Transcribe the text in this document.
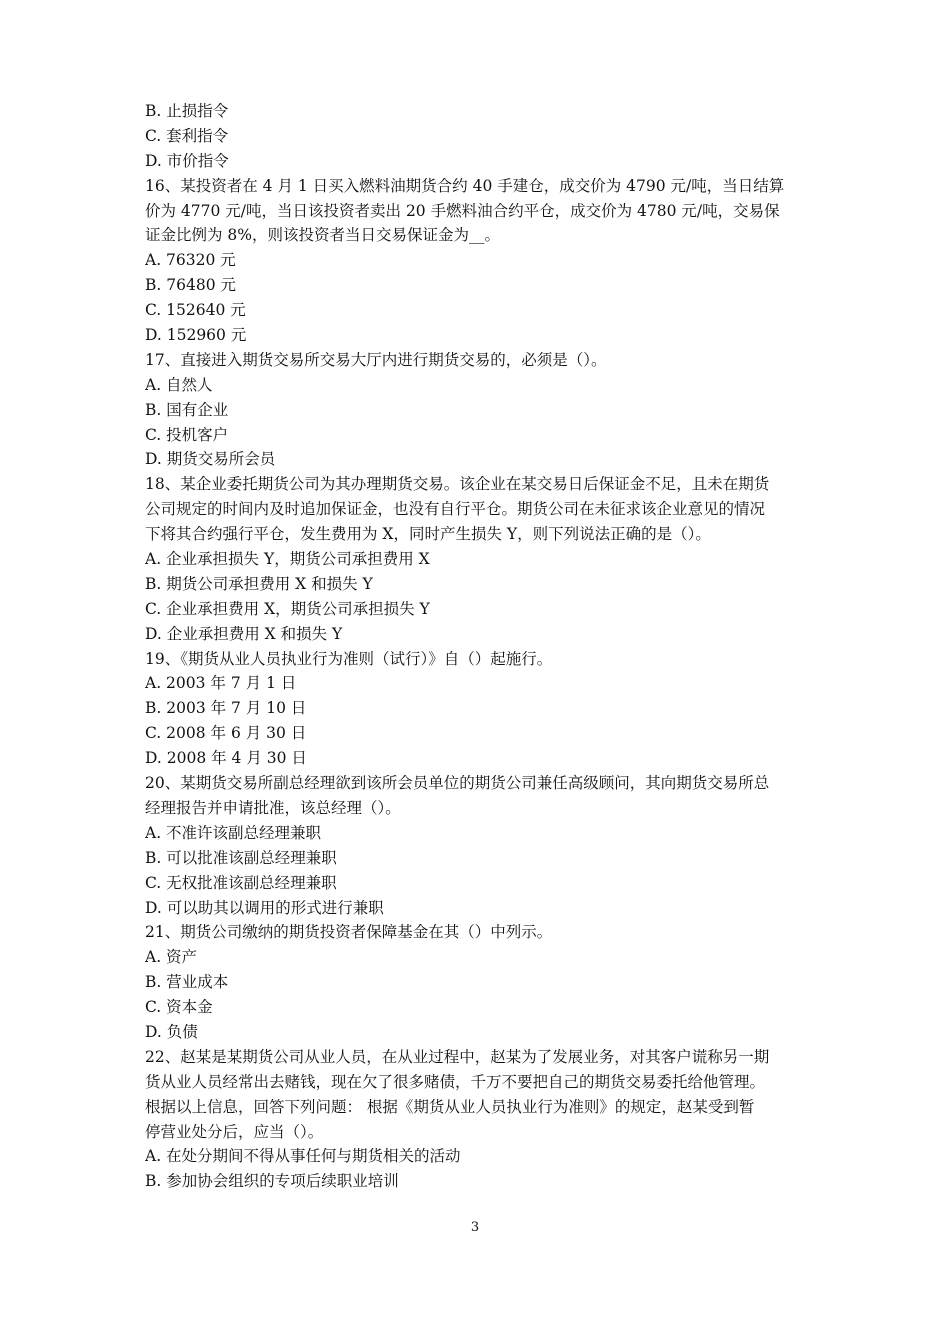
B. 止损指令
C. 套利指令
D. 市价指令
16、某投资者在 4 月 1 日买入燃料油期货合约 40 手建仓，成交价为 4790 元/吨，当日结算
价为 4770 元/吨，当日该投资者卖出 20 手燃料油合约平仓，成交价为 4780 元/吨，交易保
证金比例为 8%，则该投资者当日交易保证金为__。
A. 76320 元
B. 76480 元
C. 152640 元
D. 152960 元
17、直接进入期货交易所交易大厅内进行期货交易的，必须是（）。
A. 自然人
B. 国有企业
C. 投机客户
D. 期货交易所会员
18、某企业委托期货公司为其办理期货交易。该企业在某交易日后保证金不足，且未在期货
公司规定的时间内及时追加保证金，也没有自行平仓。期货公司在未征求该企业意见的情况
下将其合约强行平仓，发生费用为 X，同时产生损失 Y，则下列说法正确的是（）。
A. 企业承担损失 Y，期货公司承担费用 X
B. 期货公司承担费用 X 和损失 Y
C. 企业承担费用 X，期货公司承担损失 Y
D. 企业承担费用 X 和损失 Y
19、《期货从业人员执业行为准则（试行）》自（）起施行。
A. 2003 年 7 月 1 日
B. 2003 年 7 月 10 日
C. 2008 年 6 月 30 日
D. 2008 年 4 月 30 日
20、某期货交易所副总经理欲到该所会员单位的期货公司兼任高级顾问，其向期货交易所总
经理报告并申请批准，该总经理（）。
A. 不准许该副总经理兼职
B. 可以批准该副总经理兼职
C. 无权批准该副总经理兼职
D. 可以助其以调用的形式进行兼职
21、期货公司缴纳的期货投资者保障基金在其（）中列示。
A. 资产
B. 营业成本
C. 资本金
D. 负债
22、赵某是某期货公司从业人员，在从业过程中，赵某为了发展业务，对其客户谎称另一期
货从业人员经常出去赌钱，现在欠了很多赌债，千万不要把自己的期货交易委托给他管理。
根据以上信息，回答下列问题： 根据《期货从业人员执业行为准则》的规定，赵某受到暂
停营业处分后，应当（）。
A. 在处分期间不得从事任何与期货相关的活动
B. 参加协会组织的专项后续职业培训
3
